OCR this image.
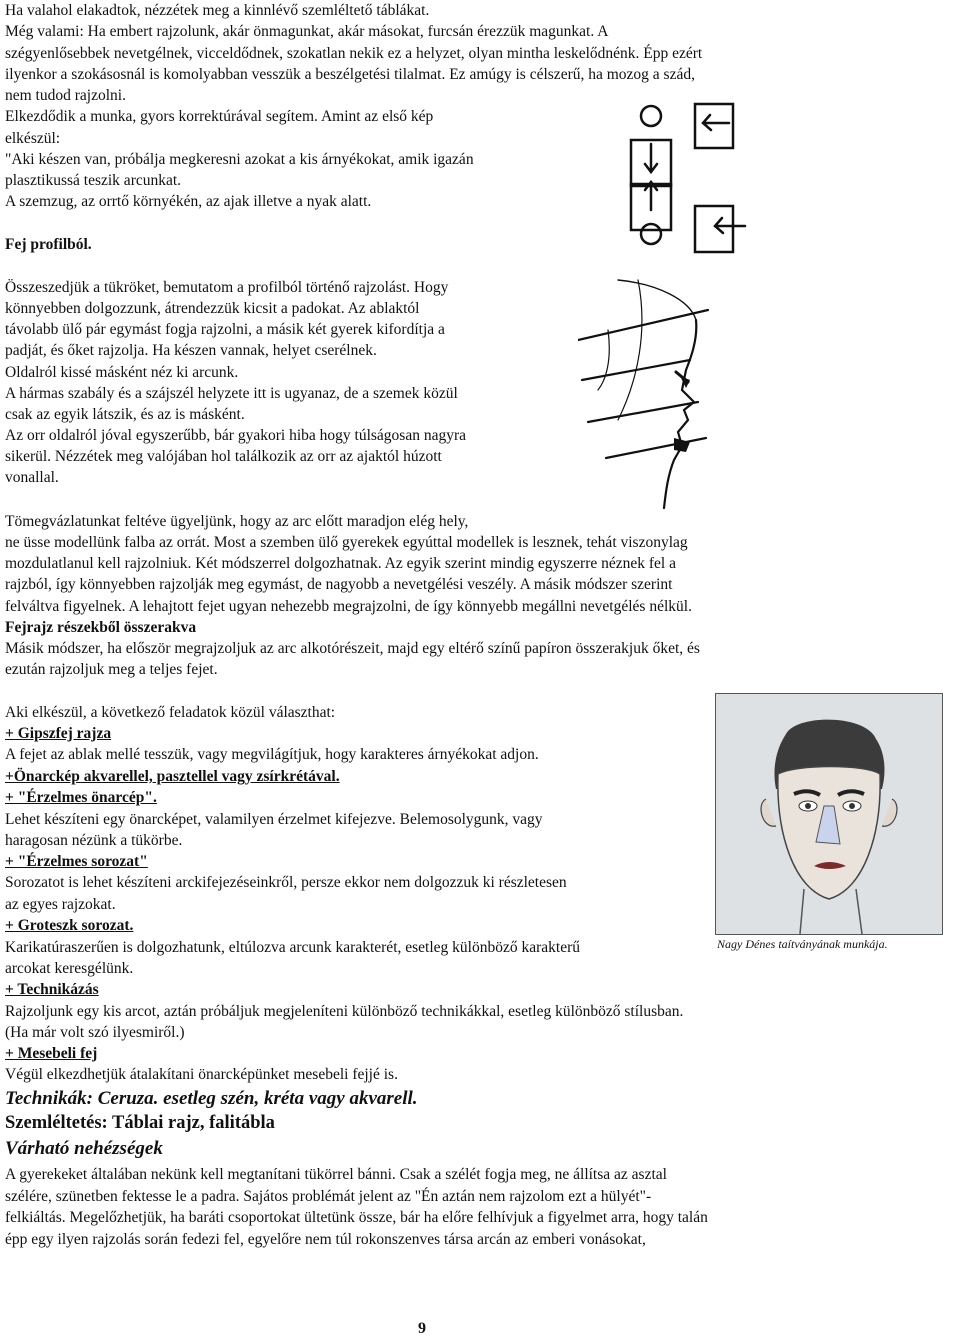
Ha valahol elakadtok, nézzétek meg a kinnlévő szemléltető táblákat.
Még valami: Ha embert rajzolunk, akár önmagunkat, akár másokat, furcsán érezzük magunkat. A
szégyenlősebbek nevetgélnek, vicceldődnek, szokatlan nekik ez a helyzet, olyan mintha leskelődnénk. Épp ezért
ilyenkor a szokásosnál is komolyabban vesszük a beszélgetési tilalmat. Ez amúgy is célszerű, ha mozog a szád,
nem tudod rajzolni.
Elkezdődik a munka, gyors korrektúrával segítem. Amint az első kép
elkészül:
"Aki készen van, próbálja megkeresni azokat a kis árnyékokat, amik igazán
plasztikussá teszik arcunkat.
A szemzug, az orrtő környékén, az ajak illetve a nyak alatt.
Fej profilból.
Összeszedjük a tükröket, bemutatom a profilból történő rajzolást. Hogy
könnyebben dolgozzunk, átrendezzük kicsit a padokat. Az ablaktól
távolabb ülő pár egymást fogja rajzolni, a másik két gyerek kifordítja a
padját, és őket rajzolja. Ha készen vannak, helyet cserélnek.
Oldalról kissé másként néz ki arcunk.
A hármas szabály és a szájszél helyzete itt is ugyanaz, de a szemek közül
csak az egyik látszik, és az is másként.
Az orr oldalról jóval egyszerűbb, bár gyakori hiba hogy túlságosan nagyra
sikerül. Nézzétek meg valójában hol találkozik az orr az ajaktól húzott
vonallal.
Tömegvázlatunkat feltéve ügyeljünk, hogy az arc előtt maradjon elég hely,
ne üsse modellünk falba az orrát. Most a szemben ülő gyerekek egyúttal modellek is lesznek, tehát viszonylag
mozdulatlanul kell rajzolniuk. Két módszerrel dolgozhatnak. Az egyik szerint mindig egyszerre néznek fel a
rajzból, így könnyebben rajzolják meg egymást, de nagyobb a nevetgélési veszély. A másik módszer szerint
felváltva figyelnek. A lehajtott fejet ugyan nehezebb megrajzolni, de így könnyebb megállni nevetgélés nélkül.
Fejrajz részekből összerakva
Másik módszer, ha először megrajzoljuk az arc alkotórészeit, majd egy eltérő színű papíron összerakjuk őket, és
ezután rajzoljuk meg a teljes fejet.
Aki elkészül, a következő feladatok közül választhat:
+ Gipszfej rajza
A fejet az ablak mellé tesszük, vagy megvilágítjuk, hogy karakteres árnyékokat adjon.
+Önarckép akvarellel, pasztellel vagy zsírkrétával.
+ "Érzelmes önarcép".
Lehet készíteni egy önarcképet, valamilyen érzelmet kifejezve. Belemosolygunk, vagy
haragosan nézünk a tükörbe.
+ "Érzelmes sorozat"
Sorozatot is lehet készíteni arckifejezéseinkről, persze ekkor nem dolgozzuk ki részletesen
az egyes rajzokat.
+ Groteszk sorozat.
Karikatúraszerűen is dolgozhatunk, eltúlozva arcunk karakterét, esetleg különböző karakterű
arcokat keresgélünk.
+ Technikázás
Rajzoljunk egy kis arcot, aztán próbáljuk megjeleníteni különböző technikákkal, esetleg különböző stílusban.
(Ha már volt szó ilyesmiről.)
+ Mesebeli fej
Végül elkezdhetjük átalakítani önarcképünket mesebeli fejjé is.
Technikák: Ceruza. esetleg szén, kréta vagy akvarell.
Szemléltetés: Táblai rajz, falitábla
Várható nehézségek
A gyerekeket általában nekünk kell megtanítani tükörrel bánni. Csak a szélét fogja meg, ne állítsa az asztal
szélére, szünetben fektesse le a padra. Sajátos problémát jelent az "Én aztán nem rajzolom ezt a hülyét"-
felkiáltás. Megelőzhetjük, ha baráti csoportokat ültetünk össze, bár ha előre felhívjuk a figyelmet arra, hogy talán
épp egy ilyen rajzolás során fedezi fel, egyelőre nem túl rokonszenves társa arcán az emberi vonásokat,
Nagy Dénes taítványának munkája.
9
